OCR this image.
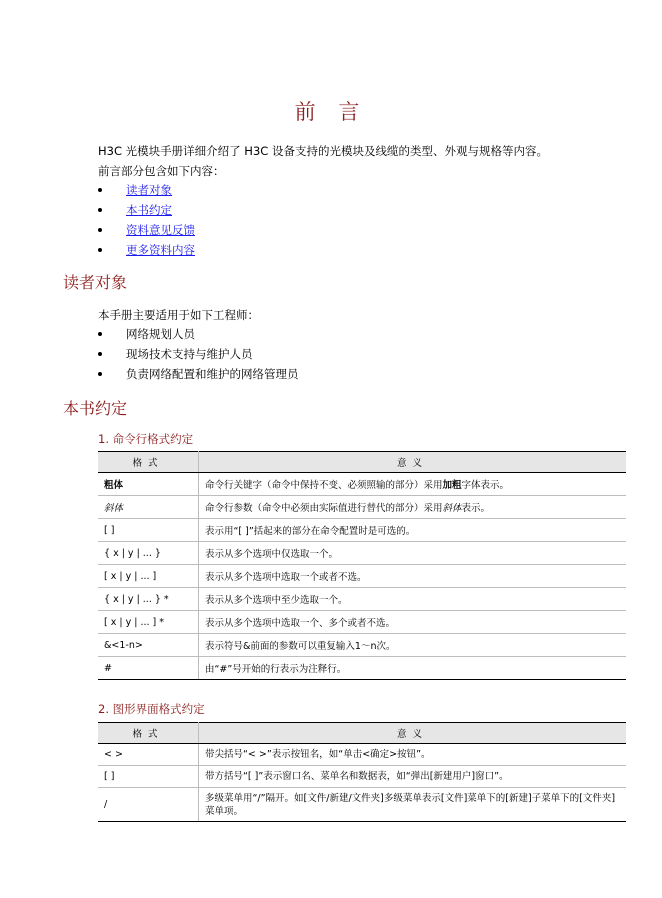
前 言
H3C 光模块手册详细介绍了 H3C 设备支持的光模块及线缆的类型、外观与规格等内容。
前言部分包含如下内容：
读者对象
本书约定
资料意见反馈
更多资料内容
读者对象
本手册主要适用于如下工程师：
网络规划人员
现场技术支持与维护人员
负责网络配置和维护的网络管理员
本书约定
1. 命令行格式约定
格式	意义
粗体	命令行关键字（命令中保持不变、必须照输的部分）采用加粗字体表示。
斜体	命令行参数（命令中必须由实际值进行替代的部分）采用斜体表示。
[ ]	表示用“[ ]”括起来的部分在命令配置时是可选的。
{ x | y | ... }	表示从多个选项中仅选取一个。
[ x | y | ... ]	表示从多个选项中选取一个或者不选。
{ x | y | ... } *	表示从多个选项中至少选取一个。
[ x | y | ... ] *	表示从多个选项中选取一个、多个或者不选。
&<1-n>	表示符号&前面的参数可以重复输入1～n次。
#	由“#”号开始的行表示为注释行。
2. 图形界面格式约定
格式	意义
< >	带尖括号“< >”表示按钮名，如“单击<确定>按钮”。
[ ]	带方括号“[ ]”表示窗口名、菜单名和数据表，如“弹出[新建用户]窗口”。
/	多级菜单用“/”隔开。如[文件/新建/文件夹]多级菜单表示[文件]菜单下的[新建]子菜单下的[文件夹]菜单项。
